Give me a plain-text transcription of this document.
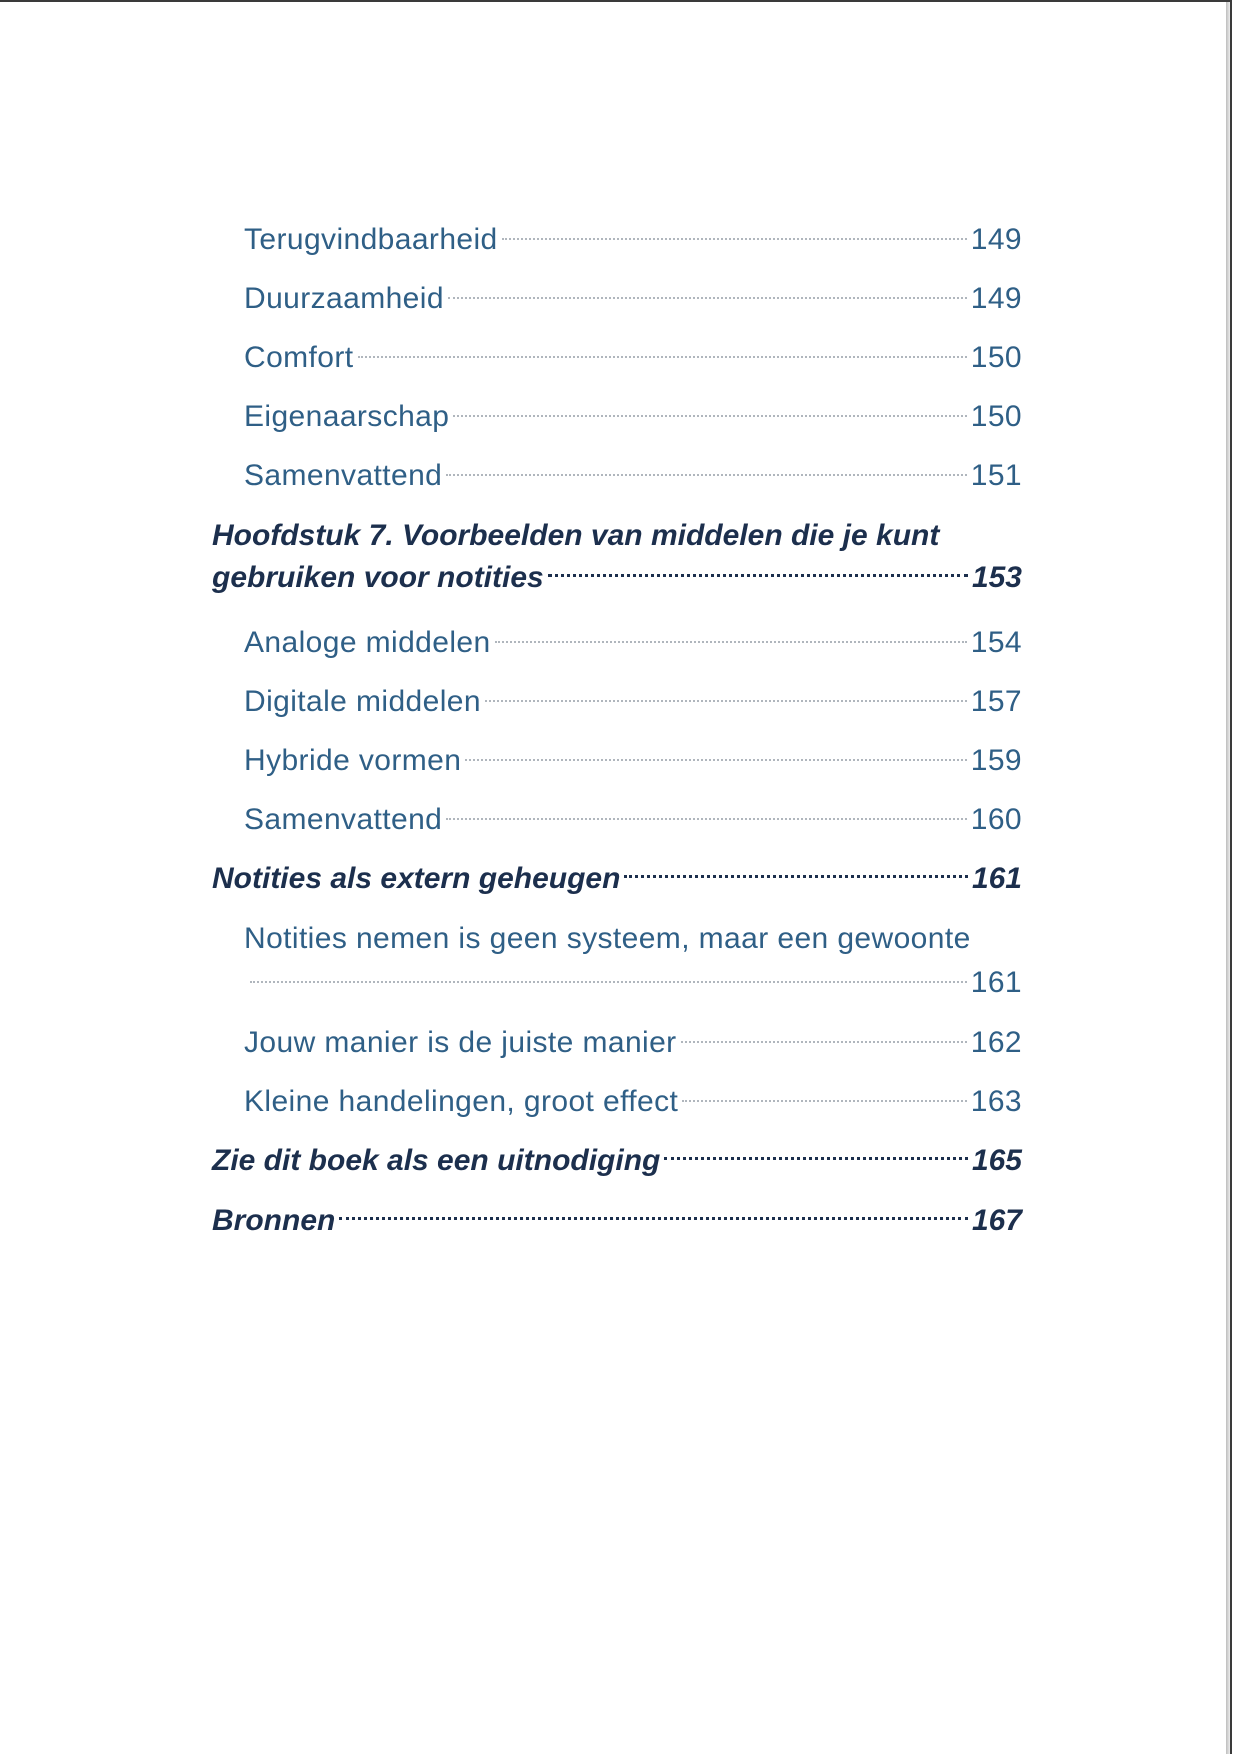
Terugvindbaarheid	149
Duurzaamheid	149
Comfort	150
Eigenaarschap	150
Samenvattend	151
Hoofdstuk 7. Voorbeelden van middelen die je kunt
gebruiken voor notities	153
Analoge middelen	154
Digitale middelen	157
Hybride vormen	159
Samenvattend	160
Notities als extern geheugen	161
Notities nemen is geen systeem, maar een gewoonte
161
Jouw manier is de juiste manier	162
Kleine handelingen, groot effect	163
Zie dit boek als een uitnodiging	165
Bronnen	167
